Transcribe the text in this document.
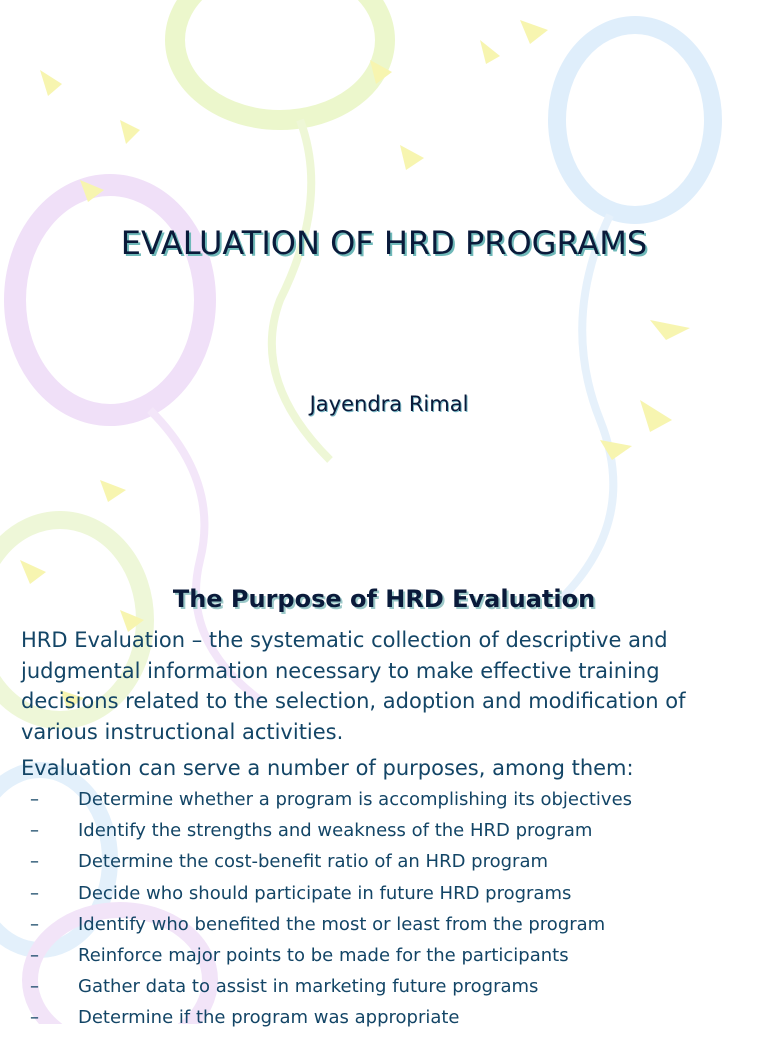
EVALUATION OF HRD PROGRAMS
Jayendra Rimal
The Purpose of HRD Evaluation

HRD Evaluation – the systematic collection of descriptive and judgmental information necessary to make effective training decisions related to the selection, adoption and modification of various instructional activities.

Evaluation can serve a number of purposes, among them:
– Determine whether a program is accomplishing its objectives
– Identify the strengths and weakness of the HRD program
– Determine the cost-benefit ratio of an HRD program
– Decide who should participate in future HRD programs
– Identify who benefited the most or least from the program
– Reinforce major points to be made for the participants
– Gather data to assist in marketing future programs
– Determine if the program was appropriate
